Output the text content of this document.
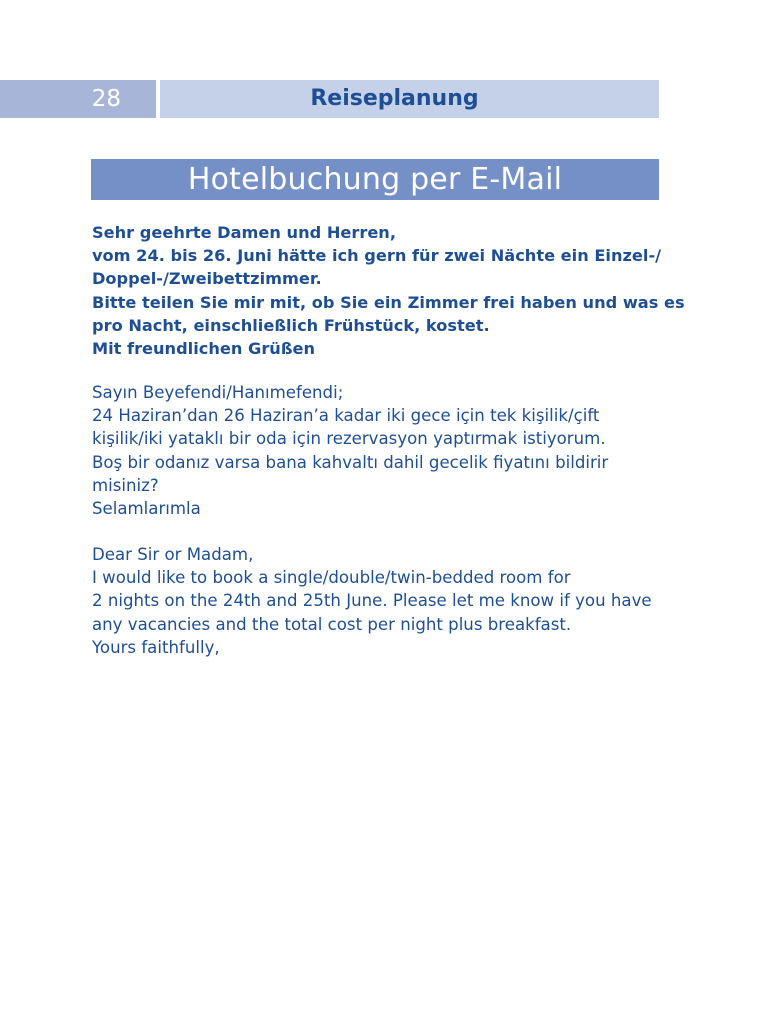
28	Reiseplanung
Hotelbuchung per E-Mail
Sehr geehrte Damen und Herren,
vom 24. bis 26. Juni hätte ich gern für zwei Nächte ein Einzel-/
Doppel-/Zweibettzimmer.
Bitte teilen Sie mir mit, ob Sie ein Zimmer frei haben und was es
pro Nacht, einschließlich Frühstück, kostet.
Mit freundlichen Grüßen
Sayın Beyefendi/Hanımefendi;
24 Haziran’dan 26 Haziran’a kadar iki gece için tek kişilik/çift
kişilik/iki yataklı bir oda için rezervasyon yaptırmak istiyorum.
Boş bir odanız varsa bana kahvaltı dahil gecelik fiyatını bildirir
misiniz?
Selamlarımla
Dear Sir or Madam,
I would like to book a single/double/twin-bedded room for
2 nights on the 24th and 25th June. Please let me know if you have
any vacancies and the total cost per night plus breakfast.
Yours faithfully,
